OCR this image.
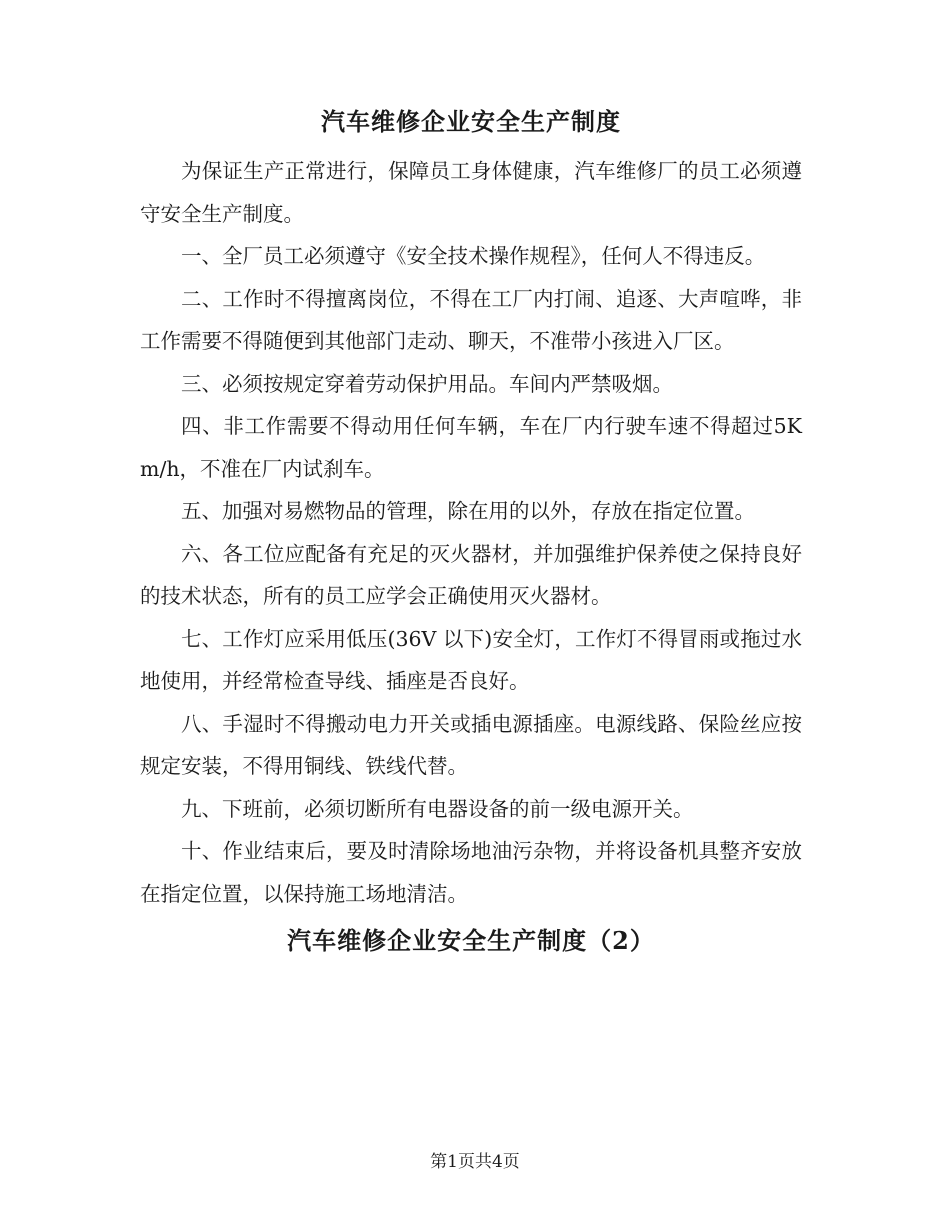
汽车维修企业安全生产制度

为保证生产正常进行，保障员工身体健康，汽车维修厂的员工必须遵守安全生产制度。

一、全厂员工必须遵守《安全技术操作规程》，任何人不得违反。

二、工作时不得擅离岗位，不得在工厂内打闹、追逐、大声喧哗，非工作需要不得随便到其他部门走动、聊天，不准带小孩进入厂区。

三、必须按规定穿着劳动保护用品。车间内严禁吸烟。

四、非工作需要不得动用任何车辆，车在厂内行驶车速不得超过5Km/h，不准在厂内试刹车。

五、加强对易燃物品的管理，除在用的以外，存放在指定位置。

六、各工位应配备有充足的灭火器材，并加强维护保养使之保持良好的技术状态，所有的员工应学会正确使用灭火器材。

七、工作灯应采用低压(36V 以下)安全灯，工作灯不得冒雨或拖过水地使用，并经常检查导线、插座是否良好。

八、手湿时不得搬动电力开关或插电源插座。电源线路、保险丝应按规定安装，不得用铜线、铁线代替。

九、下班前，必须切断所有电器设备的前一级电源开关。

十、作业结束后，要及时清除场地油污杂物，并将设备机具整齐安放在指定位置，以保持施工场地清洁。

汽车维修企业安全生产制度（2）
第1页共4页
